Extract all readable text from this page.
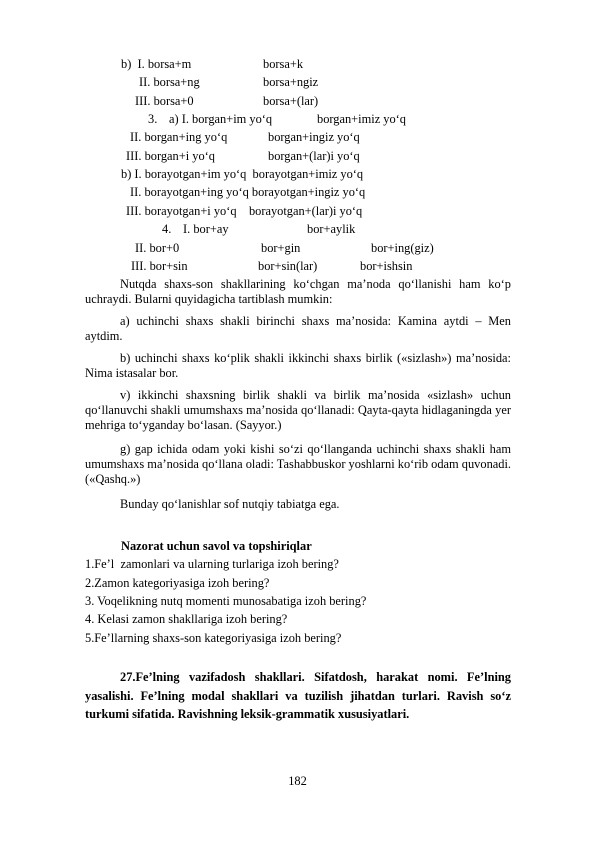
b)  I. borsa+m	borsa+k
II. borsa+ng	borsa+ngiz
III. borsa+0	borsa+(lar)
3. a) I. borgan+im yo‘q	borgan+imiz yo‘q
II. borgan+ing yo‘q	borgan+ingiz yo‘q
III. borgan+i yo‘q	borgan+(lar)i yo‘q
b) I. borayotgan+im yo‘q  borayotgan+imiz yo‘q
II. borayotgan+ing yo‘q borayotgan+ingiz yo‘q
III. borayotgan+i yo‘q    borayotgan+(lar)i yo‘q
4. I. bor+ay	bor+aylik
II. bor+0	bor+gin	bor+ing(giz)
III. bor+sin	bor+sin(lar)	bor+ishsin
Nutqda shaxs-son shakllarining ko‘chgan ma’noda qo‘llanishi ham ko‘p uchraydi. Bularni quyidagicha tartiblash mumkin:
a) uchinchi shaxs shakli birinchi shaxs ma’nosida: Kamina aytdi – Men aytdim.
b) uchinchi shaxs ko‘plik shakli ikkinchi shaxs birlik («sizlash») ma’nosida: Nima istasalar bor.
v) ikkinchi shaxsning birlik shakli va birlik ma’nosida «sizlash» uchun qo‘llanuvchi shakli umumshaxs ma’nosida qo‘llanadi: Qayta-qayta hidlaganingda yer mehriga to‘yganday bo‘lasan. (Sayyor.)
g) gap ichida odam yoki kishi so‘zi qo‘llanganda uchinchi shaxs shakli ham umumshaxs ma’nosida qo‘llana oladi: Tashabbuskor yoshlarni ko‘rib odam quvonadi.(«Qashq.»)
Bunday qo‘lanishlar sof nutqiy tabiatga ega.
Nazorat uchun savol va topshiriqlar
1.Fe’l  zamonlari va ularning turlariga izoh bering?
2.Zamon kategoriyasiga izoh bering?
3. Voqelikning nutq momenti munosabatiga izoh bering?
4. Kelasi zamon shakllariga izoh bering?
5.Fe’llarning shaxs-son kategoriyasiga izoh bering?
27.Fe’lning vazifadosh shakllari. Sifatdosh, harakat nomi. Fe’lning yasalishi. Fe’lning modal shakllari va tuzilish jihatdan turlari. Ravish so‘z turkumi sifatida. Ravishning leksik-grammatik xususiyatlari.
182
